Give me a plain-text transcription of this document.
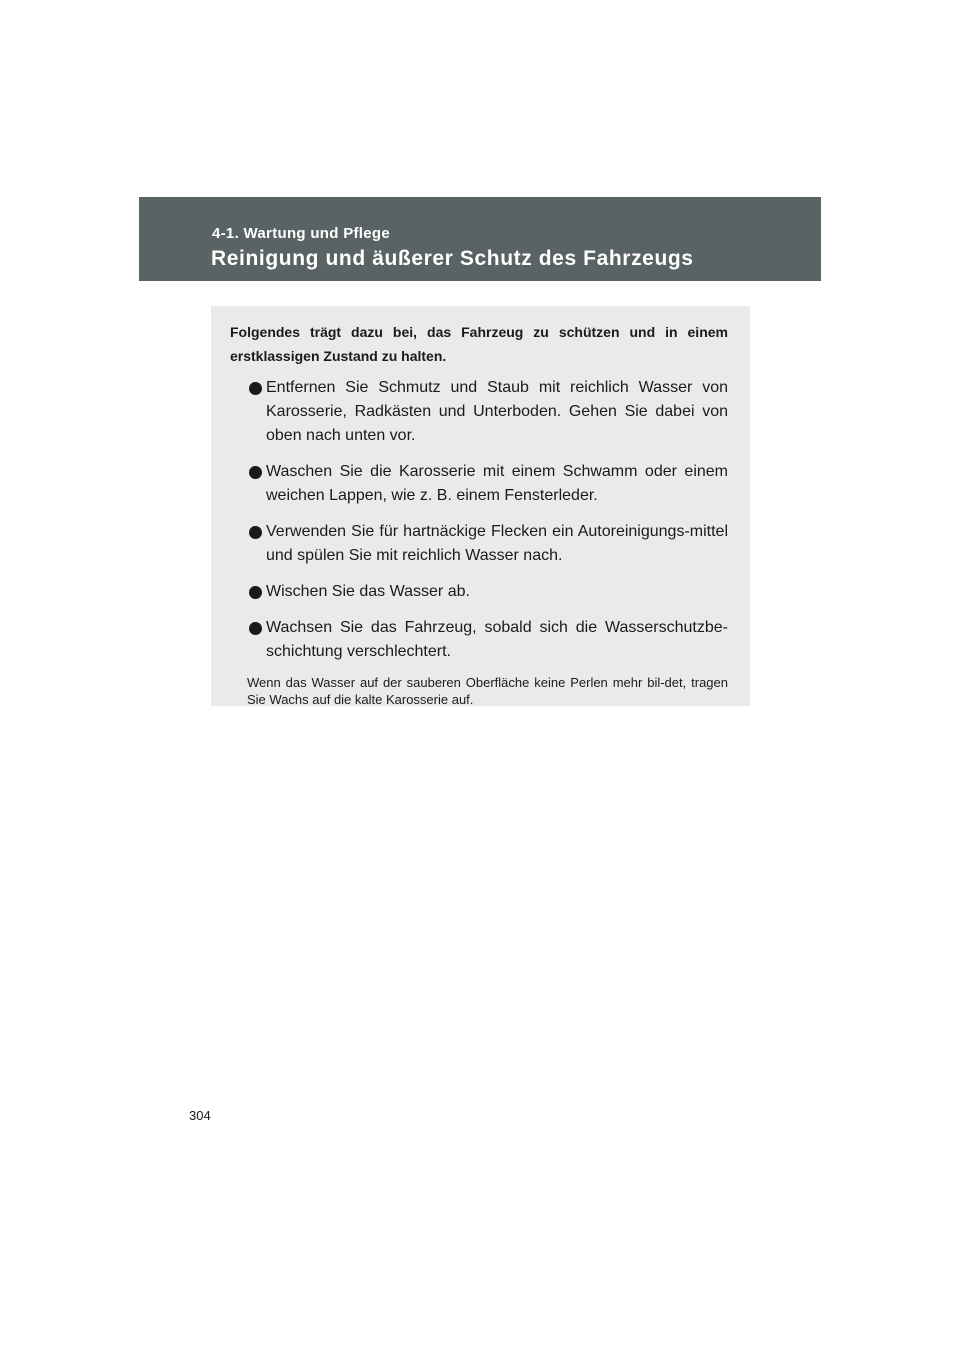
4-1. Wartung und Pflege

Reinigung und äußerer Schutz des Fahrzeugs

Folgendes trägt dazu bei, das Fahrzeug zu schützen und in einem erstklassigen Zustand zu halten.

Entfernen Sie Schmutz und Staub mit reichlich Wasser von Karosserie, Radkästen und Unterboden. Gehen Sie dabei von oben nach unten vor.
Waschen Sie die Karosserie mit einem Schwamm oder einem weichen Lappen, wie z. B. einem Fensterleder.
Verwenden Sie für hartnäckige Flecken ein Autoreinigungs-mittel und spülen Sie mit reichlich Wasser nach.
Wischen Sie das Wasser ab.
Wachsen Sie das Fahrzeug, sobald sich die Wasserschutzbe-schichtung verschlechtert.

Wenn das Wasser auf der sauberen Oberfläche keine Perlen mehr bil-det, tragen Sie Wachs auf die kalte Karosserie auf.

304
